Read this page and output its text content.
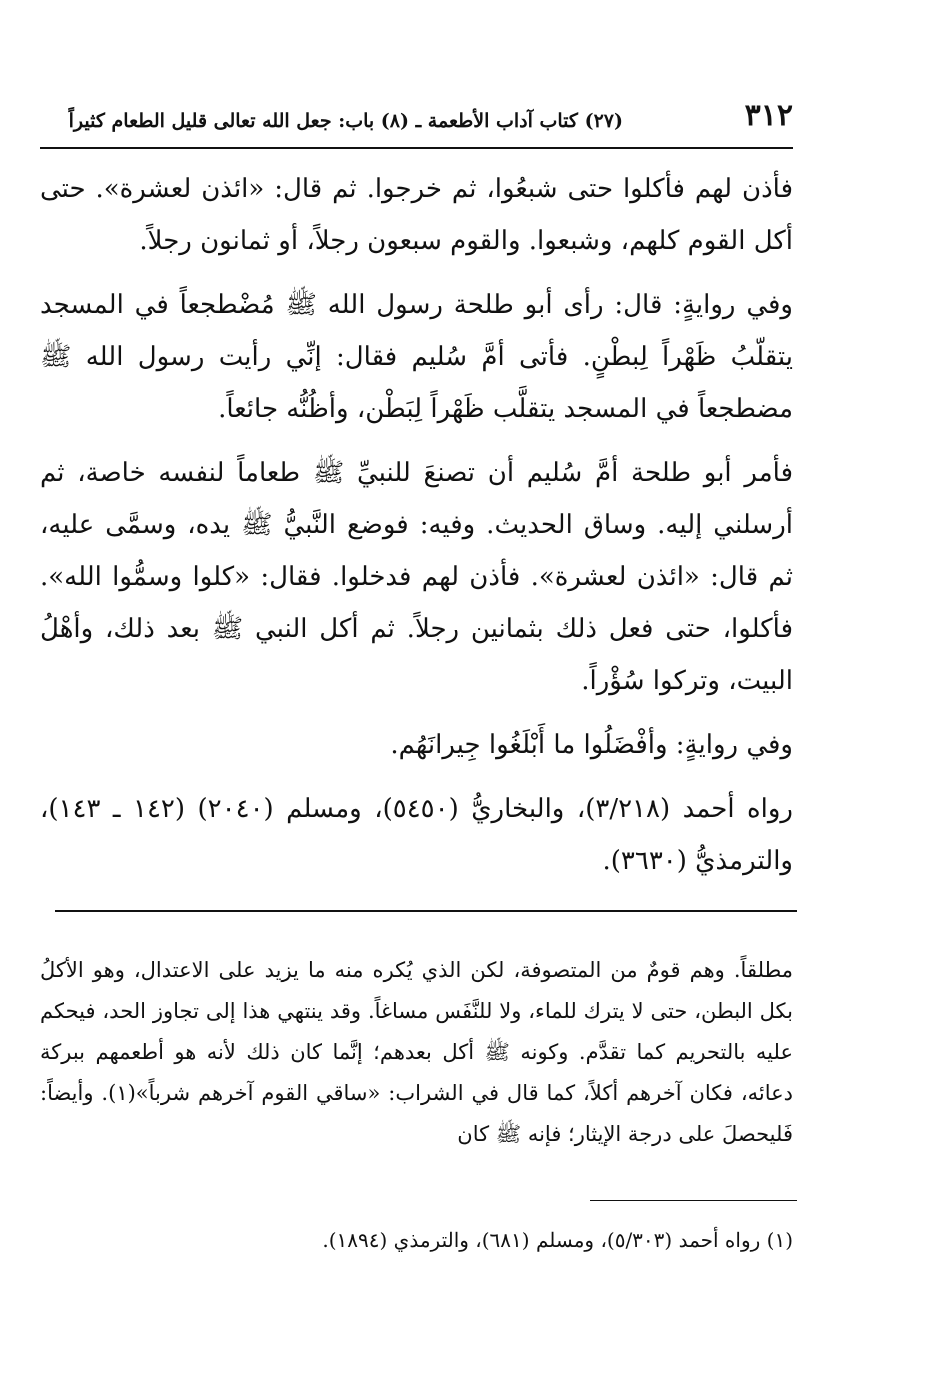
٣١٢
(٢٧) كتاب آداب الأطعمة ـ (٨) باب: جعل الله تعالى قليل الطعام كثيراً

فأذن لهم فأكلوا حتى شبعُوا، ثم خرجوا. ثم قال: «ائذن لعشرة». حتى أكل القوم كلهم، وشبعوا. والقوم سبعون رجلاً، أو ثمانون رجلاً.

وفي روايةٍ: قال: رأى أبو طلحة رسول الله ﷺ مُضْطجعاً في المسجد يتقلّبُ ظَهْراً لِبطْنٍ. فأتى أمَّ سُليم فقال: إنِّي رأيت رسول الله ﷺ مضطجعاً في المسجد يتقلَّب ظَهْراً لِبَطْن، وأظُنُّه جائعاً.

فأمر أبو طلحة أمَّ سُليم أن تصنعَ للنبيِّ ﷺ طعاماً لنفسه خاصة، ثم أرسلني إليه. وساق الحديث. وفيه: فوضع النَّبيُّ ﷺ يده، وسمَّى عليه، ثم قال: «ائذن لعشرة». فأذن لهم فدخلوا. فقال: «كلوا وسمُّوا الله». فأكلوا، حتى فعل ذلك بثمانين رجلاً. ثم أكل النبي ﷺ بعد ذلك، وأهْلُ البيت، وتركوا سُؤْراً.

وفي روايةٍ: وأفْضَلُوا ما أَبْلَغُوا جِيرانَهُم.

رواه أحمد (٣/٢١٨)، والبخاريُّ (٥٤٥٠)، ومسلم (٢٠٤٠) (١٤٢ ـ ١٤٣)، والترمذيُّ (٣٦٣٠).

مطلقاً. وهم قومٌ من المتصوفة، لكن الذي يُكره منه ما يزيد على الاعتدال، وهو الأكلُ بكل البطن، حتى لا يترك للماء، ولا للنَّفَس مساغاً. وقد ينتهي هذا إلى تجاوز الحد، فيحكم عليه بالتحريم كما تقدَّم. وكونه ﷺ أكل بعدهم؛ إنَّما كان ذلك لأنه هو أطعمهم ببركة دعائه، فكان آخرهم أكلاً، كما قال في الشراب: «ساقي القوم آخرهم شرباً»(١). وأيضاً: فَليحصلَ على درجة الإيثار؛ فإنه ﷺ كان

(١) رواه أحمد (٥/٣٠٣)، ومسلم (٦٨١)، والترمذي (١٨٩٤).
